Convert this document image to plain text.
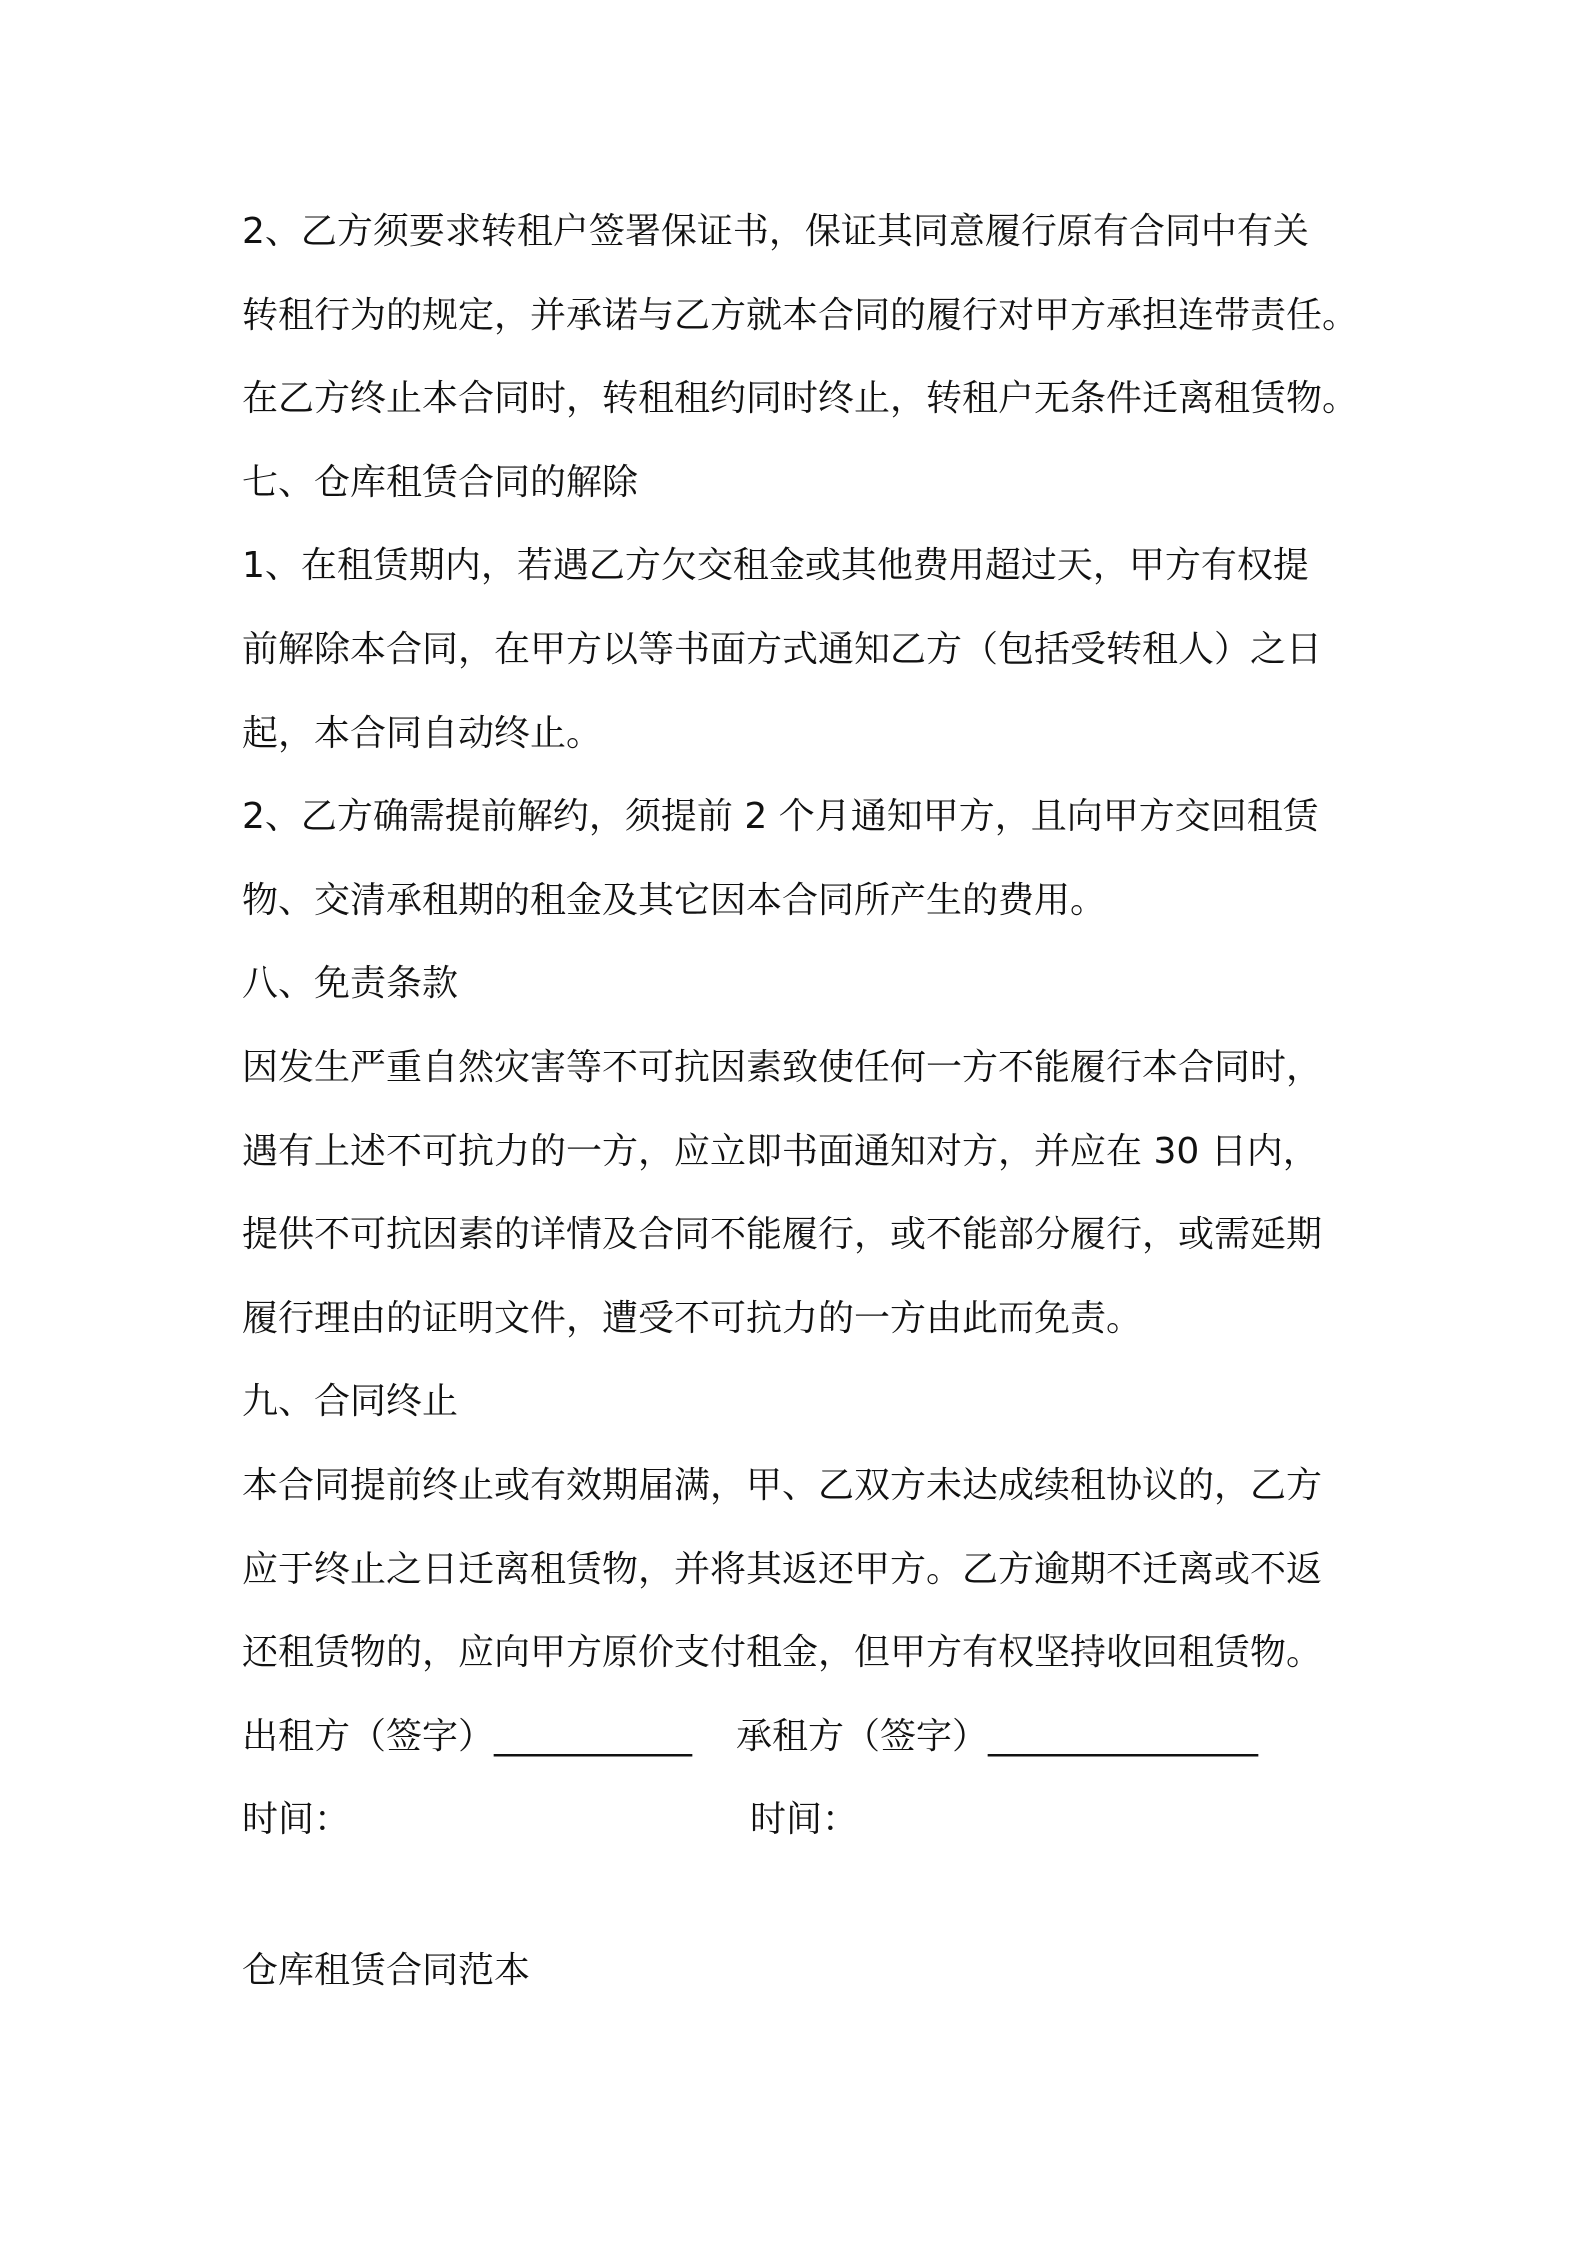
2、乙方须要求转租户签署保证书，保证其同意履行原有合同中有关

转租行为的规定，并承诺与乙方就本合同的履行对甲方承担连带责任。

在乙方终止本合同时，转租租约同时终止，转租户无条件迁离租赁物。

七、仓库租赁合同的解除

1、在租赁期内，若遇乙方欠交租金或其他费用超过天，甲方有权提

前解除本合同，在甲方以等书面方式通知乙方（包括受转租人）之日

起，本合同自动终止。

2、乙方确需提前解约，须提前 2 个月通知甲方，且向甲方交回租赁

物、交清承租期的租金及其它因本合同所产生的费用。

八、免责条款

因发生严重自然灾害等不可抗因素致使任何一方不能履行本合同时，

遇有上述不可抗力的一方，应立即书面通知对方，并应在 30 日内，

提供不可抗因素的详情及合同不能履行，或不能部分履行，或需延期

履行理由的证明文件，遭受不可抗力的一方由此而免责。

九、合同终止

本合同提前终止或有效期届满，甲、乙双方未达成续租协议的，乙方

应于终止之日迁离租赁物，并将其返还甲方。乙方逾期不迁离或不返

还租赁物的，应向甲方原价支付租金，但甲方有权坚持收回租赁物。

出租方（签字）___________ 承租方（签字）_______________

时间：	时间：

仓库租赁合同范本
